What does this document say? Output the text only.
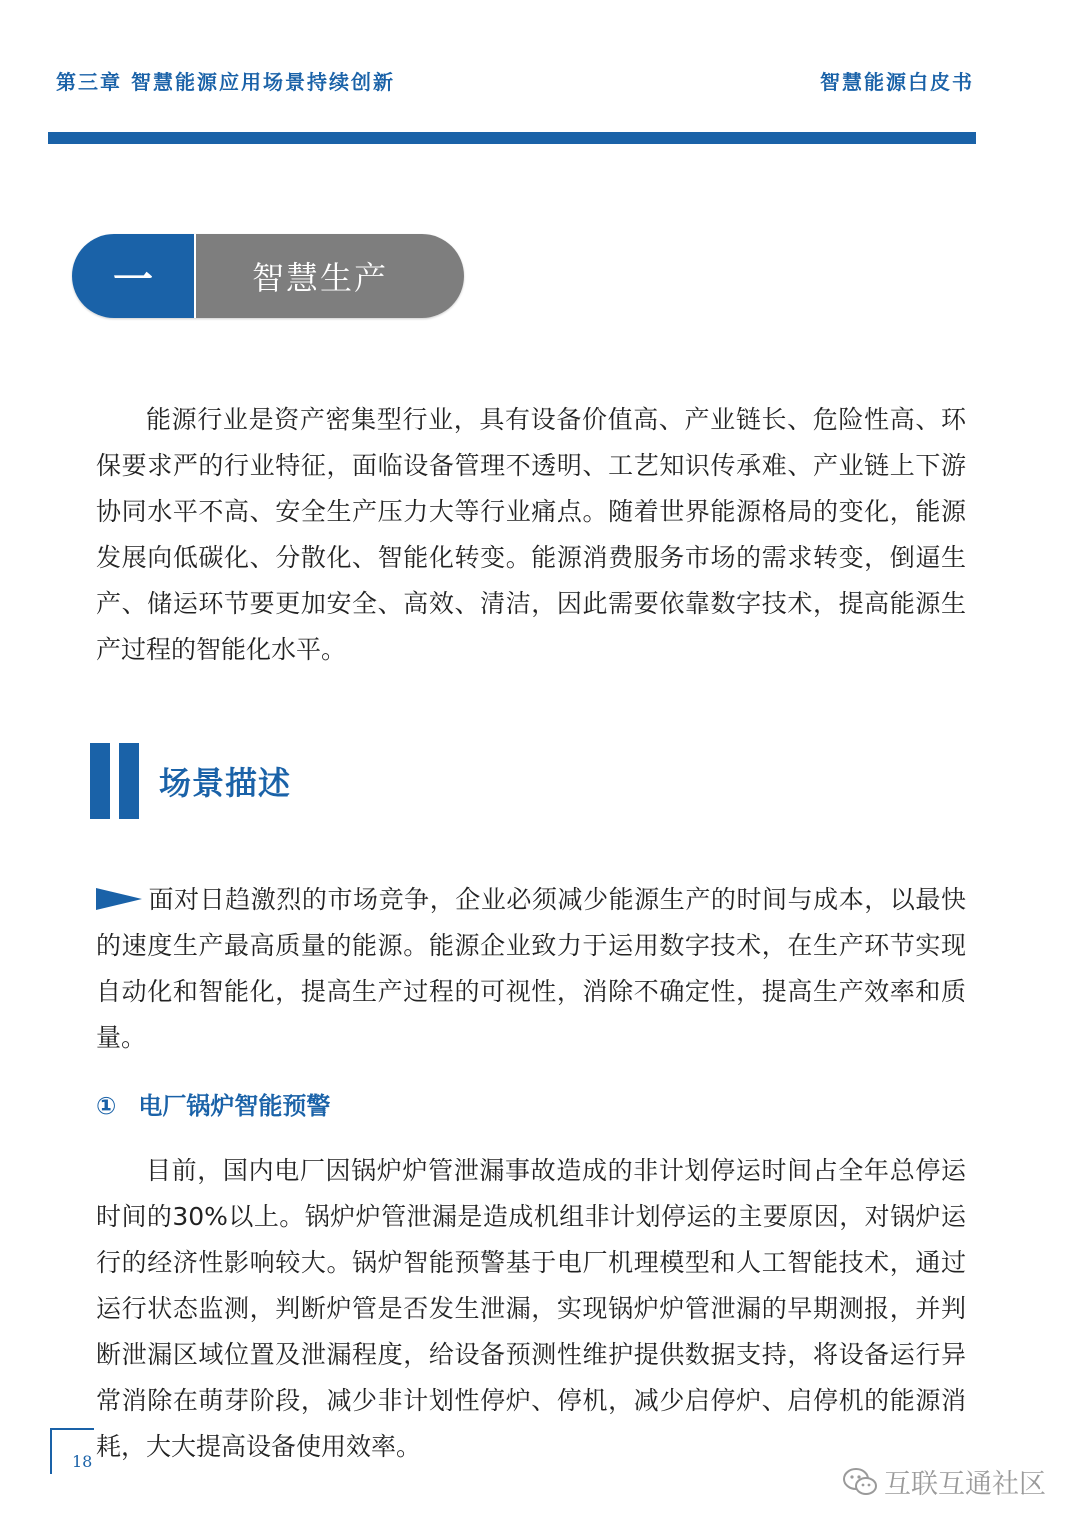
第三章 智慧能源应用场景持续创新	智慧能源白皮书
一	智慧生产

能源行业是资产密集型行业，具有设备价值高、产业链长、危险性高、环保要求严的行业特征，面临设备管理不透明、工艺知识传承难、产业链上下游协同水平不高、安全生产压力大等行业痛点。随着世界能源格局的变化，能源发展向低碳化、分散化、智能化转变。能源消费服务市场的需求转变，倒逼生产、储运环节要更加安全、高效、清洁，因此需要依靠数字技术，提高能源生产过程的智能化水平。

场景描述

面对日趋激烈的市场竞争，企业必须减少能源生产的时间与成本，以最快的速度生产最高质量的能源。能源企业致力于运用数字技术，在生产环节实现自动化和智能化，提高生产过程的可视性，消除不确定性，提高生产效率和质量。

① 电厂锅炉智能预警

目前，国内电厂因锅炉炉管泄漏事故造成的非计划停运时间占全年总停运时间的30%以上。锅炉炉管泄漏是造成机组非计划停运的主要原因，对锅炉运行的经济性影响较大。锅炉智能预警基于电厂机理模型和人工智能技术，通过运行状态监测，判断炉管是否发生泄漏，实现锅炉炉管泄漏的早期测报，并判断泄漏区域位置及泄漏程度，给设备预测性维护提供数据支持，将设备运行异常消除在萌芽阶段，减少非计划性停炉、停机，减少启停炉、启停机的能源消耗，大大提高设备使用效率。

18
互联互通社区
